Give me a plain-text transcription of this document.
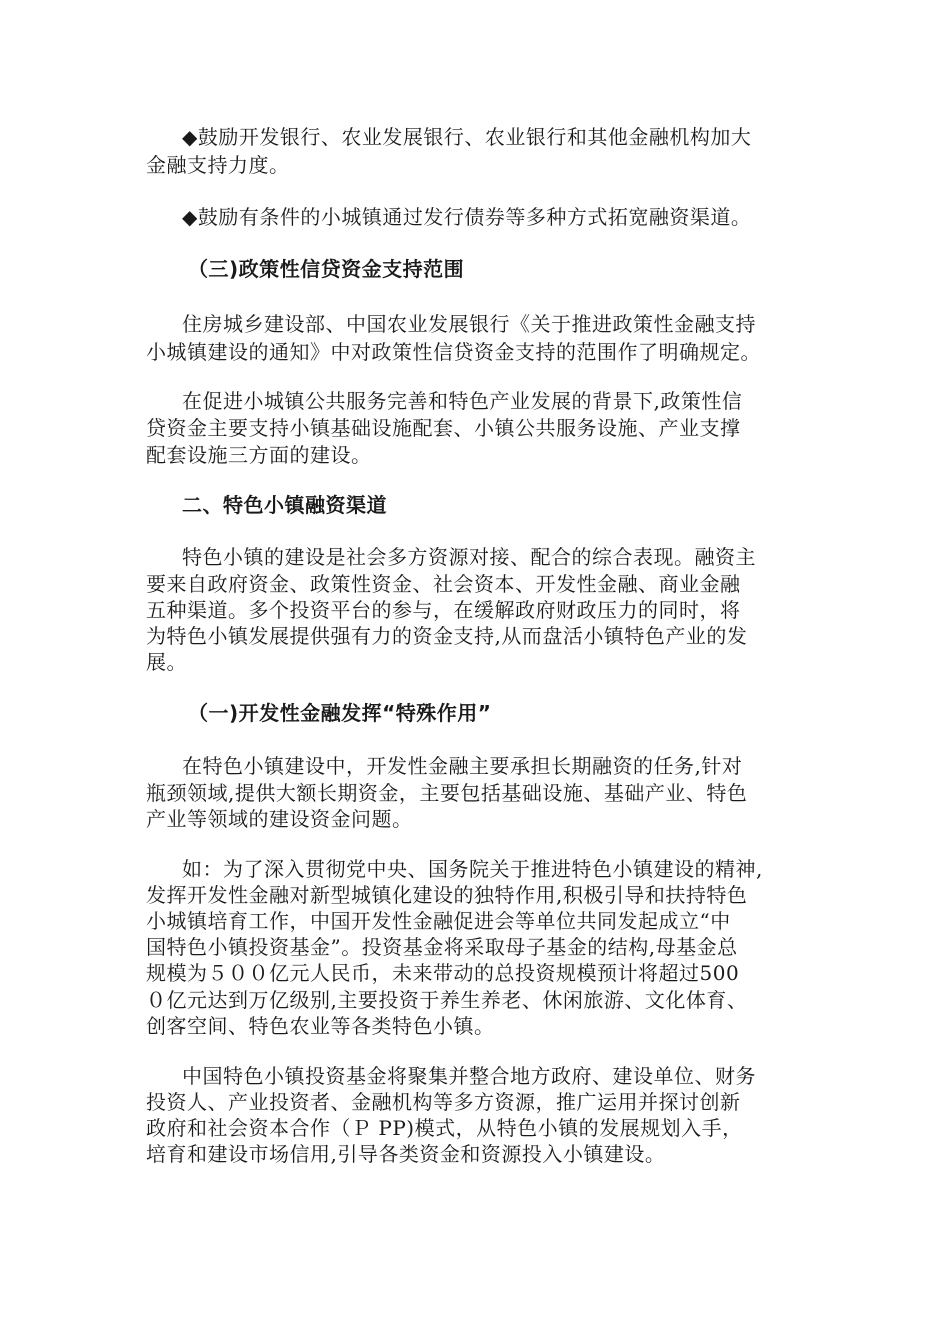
◆鼓励开发银行、农业发展银行、农业银行和其他金融机构加大
金融支持力度。
◆鼓励有条件的小城镇通过发行债券等多种方式拓宽融资渠道。
（三)政策性信贷资金支持范围
住房城乡建设部、中国农业发展银行《关于推进政策性金融支持
小城镇建设的通知》中对政策性信贷资金支持的范围作了明确规定。
在促进小城镇公共服务完善和特色产业发展的背景下,政策性信
贷资金主要支持小镇基础设施配套、小镇公共服务设施、产业支撑
配套设施三方面的建设。
二、特色小镇融资渠道
特色小镇的建设是社会多方资源对接、配合的综合表现。融资主
要来自政府资金、政策性资金、社会资本、开发性金融、商业金融
五种渠道。多个投资平台的参与，在缓解政府财政压力的同时，将
为特色小镇发展提供强有力的资金支持,从而盘活小镇特色产业的发
展。
（一)开发性金融发挥“特殊作用”
在特色小镇建设中，开发性金融主要承担长期融资的任务,针对
瓶颈领域,提供大额长期资金，主要包括基础设施、基础产业、特色
产业等领域的建设资金问题。
如：为了深入贯彻党中央、国务院关于推进特色小镇建设的精神,
发挥开发性金融对新型城镇化建设的独特作用,积极引导和扶持特色
小城镇培育工作，中国开发性金融促进会等单位共同发起成立“中
国特色小镇投资基金”。投资基金将采取母子基金的结构,母基金总
规模为５００亿元人民币，未来带动的总投资规模预计将超过500
０亿元达到万亿级别,主要投资于养生养老、休闲旅游、文化体育、
创客空间、特色农业等各类特色小镇。
中国特色小镇投资基金将聚集并整合地方政府、建设单位、财务
投资人、产业投资者、金融机构等多方资源，推广运用并探讨创新
政府和社会资本合作（Ｐ PP)模式，从特色小镇的发展规划入手，
培育和建设市场信用,引导各类资金和资源投入小镇建设。
